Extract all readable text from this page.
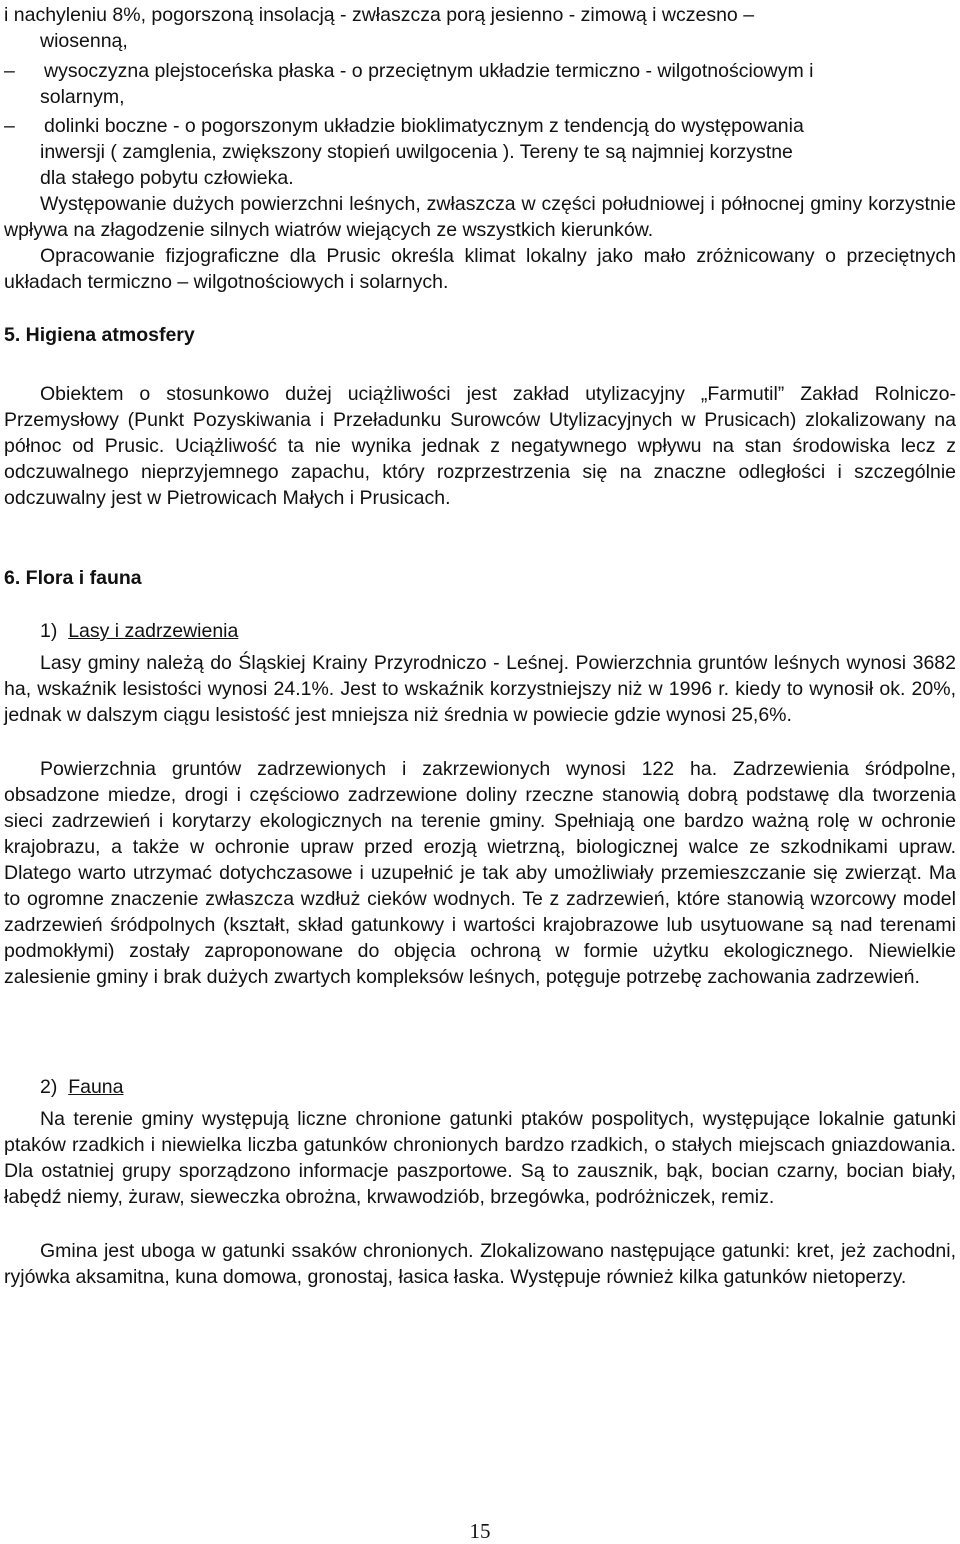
i nachyleniu 8%, pogorszoną insolacją - zwłaszcza porą jesienno - zimową i wczesno –
wiosenną,
–	wysoczyzna plejstoceńska płaska - o przeciętnym układzie termiczno - wilgotnościowym i
solarnym,
–	dolinki boczne - o pogorszonym układzie bioklimatycznym z tendencją do występowania
inwersji ( zamglenia, zwiększony stopień uwilgocenia ). Tereny te są najmniej korzystne
dla stałego pobytu człowieka.

Występowanie dużych powierzchni leśnych, zwłaszcza w części południowej i północnej gminy korzystnie wpływa na złagodzenie silnych wiatrów wiejących ze wszystkich kierunków.

Opracowanie fizjograficzne dla Prusic określa klimat lokalny jako mało zróżnicowany o przeciętnych układach termiczno – wilgotnościowych i solarnych.

5. Higiena atmosfery

Obiektem o stosunkowo dużej uciążliwości jest zakład utylizacyjny „Farmutil” Zakład Rolniczo-Przemysłowy (Punkt Pozyskiwania i Przeładunku Surowców Utylizacyjnych w Prusicach) zlokalizowany na północ od Prusic. Uciążliwość ta nie wynika jednak z negatywnego wpływu na stan środowiska lecz z odczuwalnego nieprzyjemnego zapachu, który rozprzestrzenia się na znaczne odległości i szczególnie odczuwalny jest w Pietrowicach Małych i Prusicach.

6. Flora i fauna
1) Lasy i zadrzewienia

Lasy gminy należą do Śląskiej Krainy Przyrodniczo - Leśnej. Powierzchnia gruntów leśnych wynosi 3682 ha, wskaźnik lesistości wynosi 24.1%. Jest to wskaźnik korzystniejszy niż w 1996 r. kiedy to wynosił ok. 20%, jednak w dalszym ciągu lesistość jest mniejsza niż średnia w powiecie gdzie wynosi 25,6%.

Powierzchnia gruntów zadrzewionych i zakrzewionych wynosi 122 ha. Zadrzewienia śródpolne, obsadzone miedze, drogi i częściowo zadrzewione doliny rzeczne stanowią dobrą podstawę dla tworzenia sieci zadrzewień i korytarzy ekologicznych na terenie gminy. Spełniają one bardzo ważną rolę w ochronie krajobrazu, a także w ochronie upraw przed erozją wietrzną, biologicznej walce ze szkodnikami upraw. Dlatego warto utrzymać dotychczasowe i uzupełnić je tak aby umożliwiały przemieszczanie się zwierząt. Ma to ogromne znaczenie zwłaszcza wzdłuż cieków wodnych. Te z zadrzewień, które stanowią wzorcowy model zadrzewień śródpolnych (kształt, skład gatunkowy i wartości krajobrazowe lub usytuowane są nad terenami podmokłymi) zostały zaproponowane do objęcia ochroną w formie użytku ekologicznego. Niewielkie zalesienie gminy i brak dużych zwartych kompleksów leśnych, potęguje potrzebę zachowania zadrzewień.

2) Fauna

Na terenie gminy występują liczne chronione gatunki ptaków pospolitych, występujące lokalnie gatunki ptaków rzadkich i niewielka liczba gatunków chronionych bardzo rzadkich, o stałych miejscach gniazdowania. Dla ostatniej grupy sporządzono informacje paszportowe. Są to zausznik, bąk, bocian czarny, bocian biały, łabędź niemy, żuraw, sieweczka obrożna, krwawodziób, brzegówka, podróżniczek, remiz.

Gmina jest uboga w gatunki ssaków chronionych. Zlokalizowano następujące gatunki: kret, jeż zachodni, ryjówka aksamitna, kuna domowa, gronostaj, łasica łaska. Występuje również kilka gatunków nietoperzy.

15
